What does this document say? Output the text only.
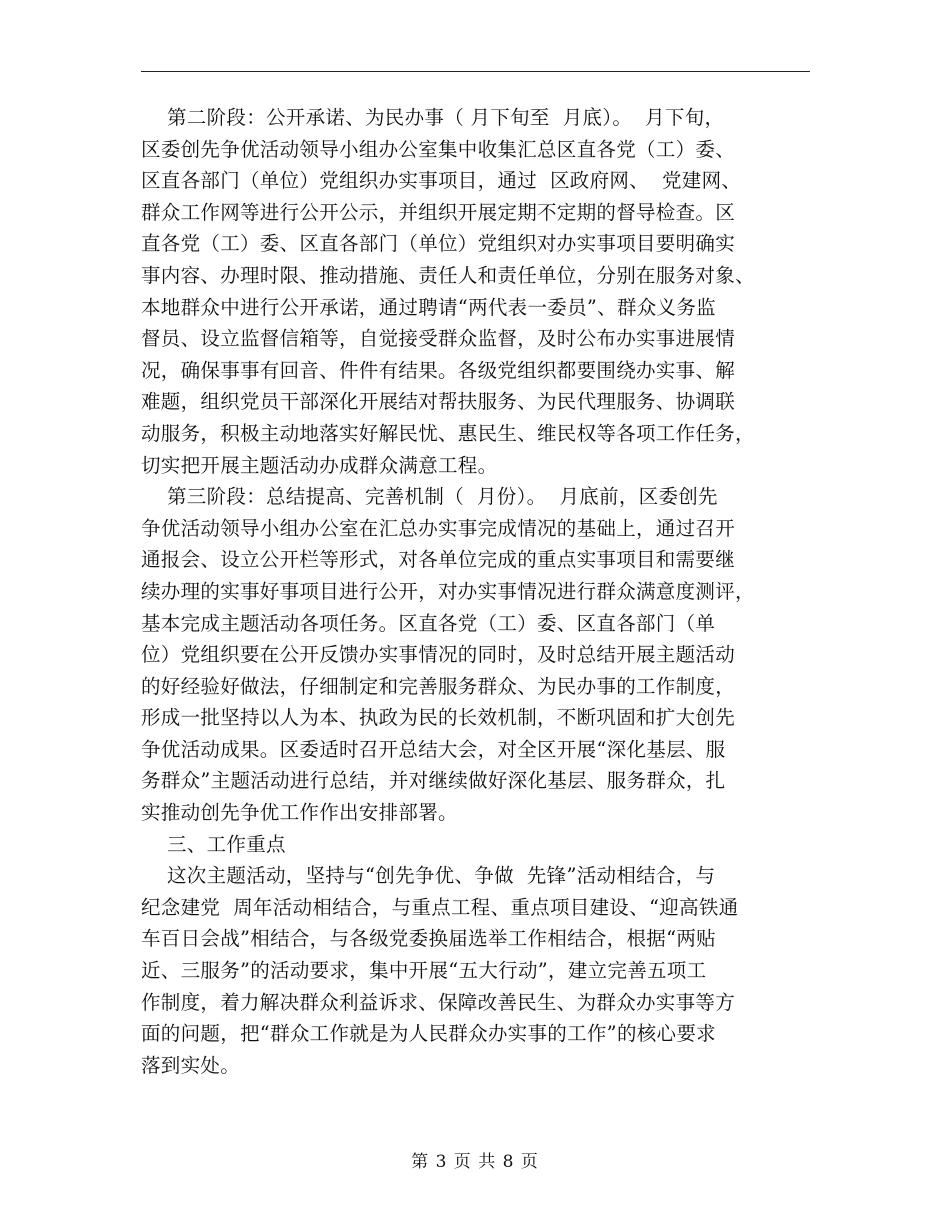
第二阶段：公开承诺、为民办事（ 月下旬至  月底）。  月下旬，
区委创先争优活动领导小组办公室集中收集汇总区直各党（工）委、
区直各部门（单位）党组织办实事项目，通过  区政府网、  党建网、
群众工作网等进行公开公示，并组织开展定期不定期的督导检查。区
直各党（工）委、区直各部门（单位）党组织对办实事项目要明确实
事内容、办理时限、推动措施、责任人和责任单位，分别在服务对象、
本地群众中进行公开承诺，通过聘请“两代表一委员”、群众义务监
督员、设立监督信箱等，自觉接受群众监督，及时公布办实事进展情
况，确保事事有回音、件件有结果。各级党组织都要围绕办实事、解
难题，组织党员干部深化开展结对帮扶服务、为民代理服务、协调联
动服务，积极主动地落实好解民忧、惠民生、维民权等各项工作任务，
切实把开展主题活动办成群众满意工程。
第三阶段：总结提高、完善机制（  月份）。  月底前，区委创先
争优活动领导小组办公室在汇总办实事完成情况的基础上，通过召开
通报会、设立公开栏等形式，对各单位完成的重点实事项目和需要继
续办理的实事好事项目进行公开，对办实事情况进行群众满意度测评，
基本完成主题活动各项任务。区直各党（工）委、区直各部门（单
位）党组织要在公开反馈办实事情况的同时，及时总结开展主题活动
的好经验好做法，仔细制定和完善服务群众、为民办事的工作制度，
形成一批坚持以人为本、执政为民的长效机制，不断巩固和扩大创先
争优活动成果。区委适时召开总结大会，对全区开展“深化基层、服
务群众”主题活动进行总结，并对继续做好深化基层、服务群众，扎
实推动创先争优工作作出安排部署。
三、工作重点
这次主题活动，坚持与“创先争优、争做  先锋”活动相结合，与
纪念建党  周年活动相结合，与重点工程、重点项目建设、“迎高铁通
车百日会战”相结合，与各级党委换届选举工作相结合，根据“两贴
近、三服务”的活动要求，集中开展“五大行动”，建立完善五项工
作制度，着力解决群众利益诉求、保障改善民生、为群众办实事等方
面的问题，把“群众工作就是为人民群众办实事的工作”的核心要求
落到实处。
第 3 页 共 8 页
